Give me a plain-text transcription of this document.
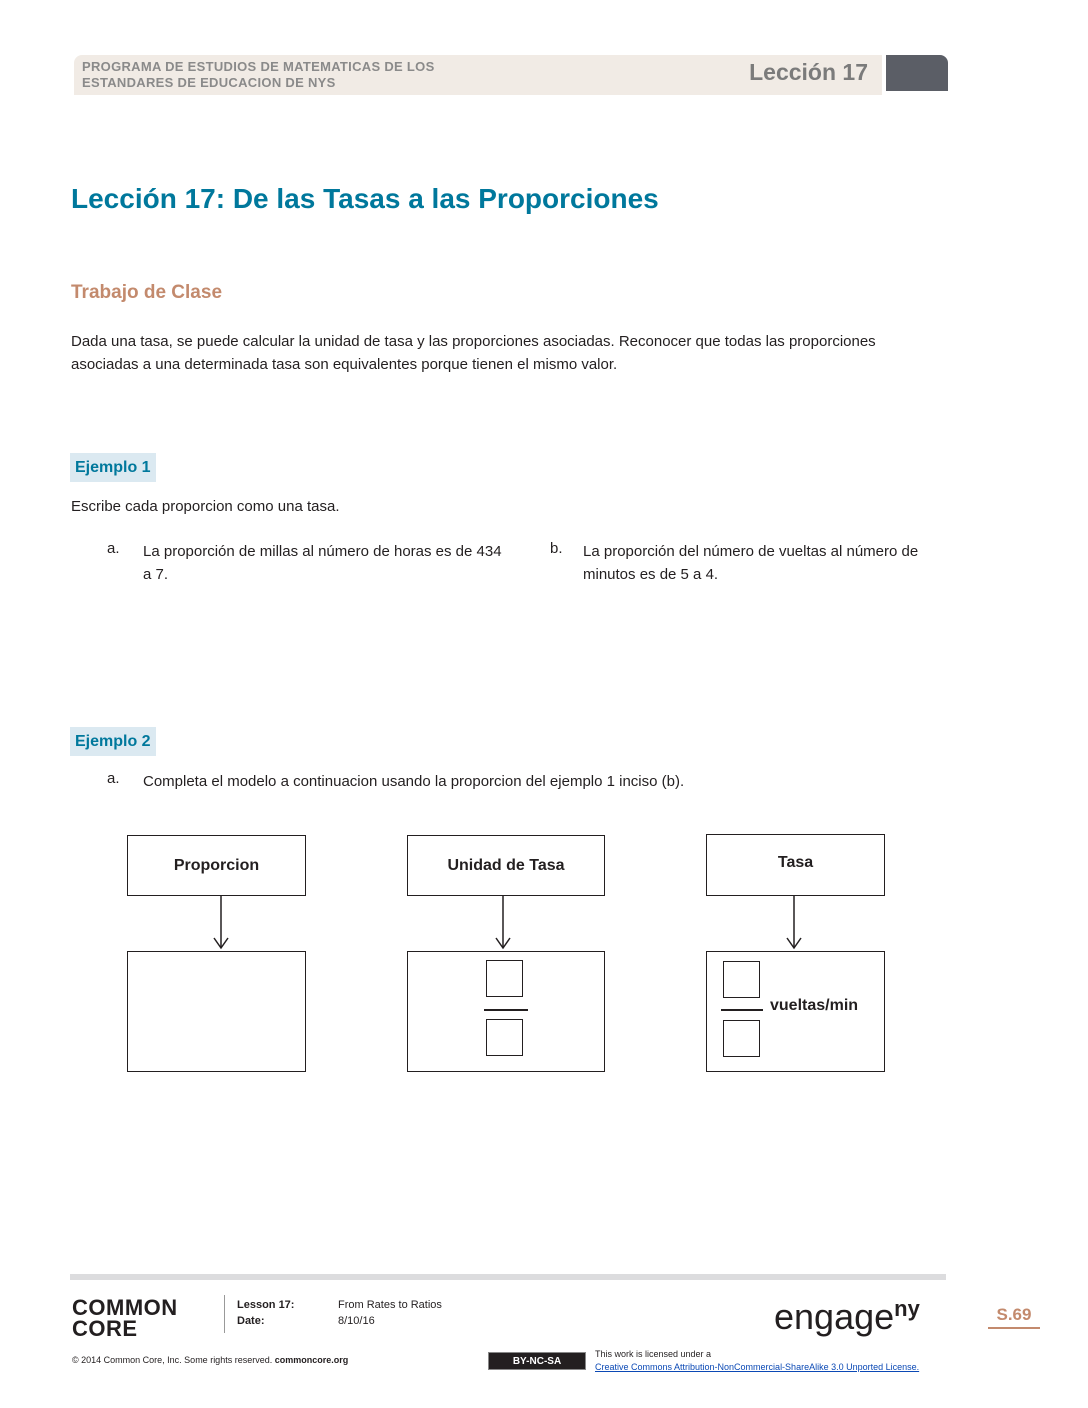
PROGRAMA DE ESTUDIOS DE MATEMATICAS DE LOS
ESTANDARES DE EDUCACION DE NYS	Lección 17
Lección 17: De las Tasas a las Proporciones
Trabajo de Clase
Dada una tasa, se puede calcular la unidad de tasa y las proporciones asociadas. Reconocer que todas las proporciones asociadas a una determinada tasa son equivalentes porque tienen el mismo valor.
Ejemplo 1
Escribe cada proporcion como una tasa.
a. La proporción de millas al número de horas es de 434 a 7.
b. La proporción del número de vueltas al número de minutos es de 5 a 4.
Ejemplo 2
a. Completa el modelo a continuacion usando la proporcion del ejemplo 1 inciso (b).
Proporcion	Unidad de Tasa	Tasa
vueltas/min
COMMON
CORE
Lesson 17:	From Rates to Ratios
Date:	8/10/16
© 2014 Common Core, Inc. Some rights reserved. commoncore.org	BY-NC-SA
This work is licensed under a
Creative Commons Attribution-NonCommercial-ShareAlike 3.0 Unported License.
engage$^{ny}$	S.69
